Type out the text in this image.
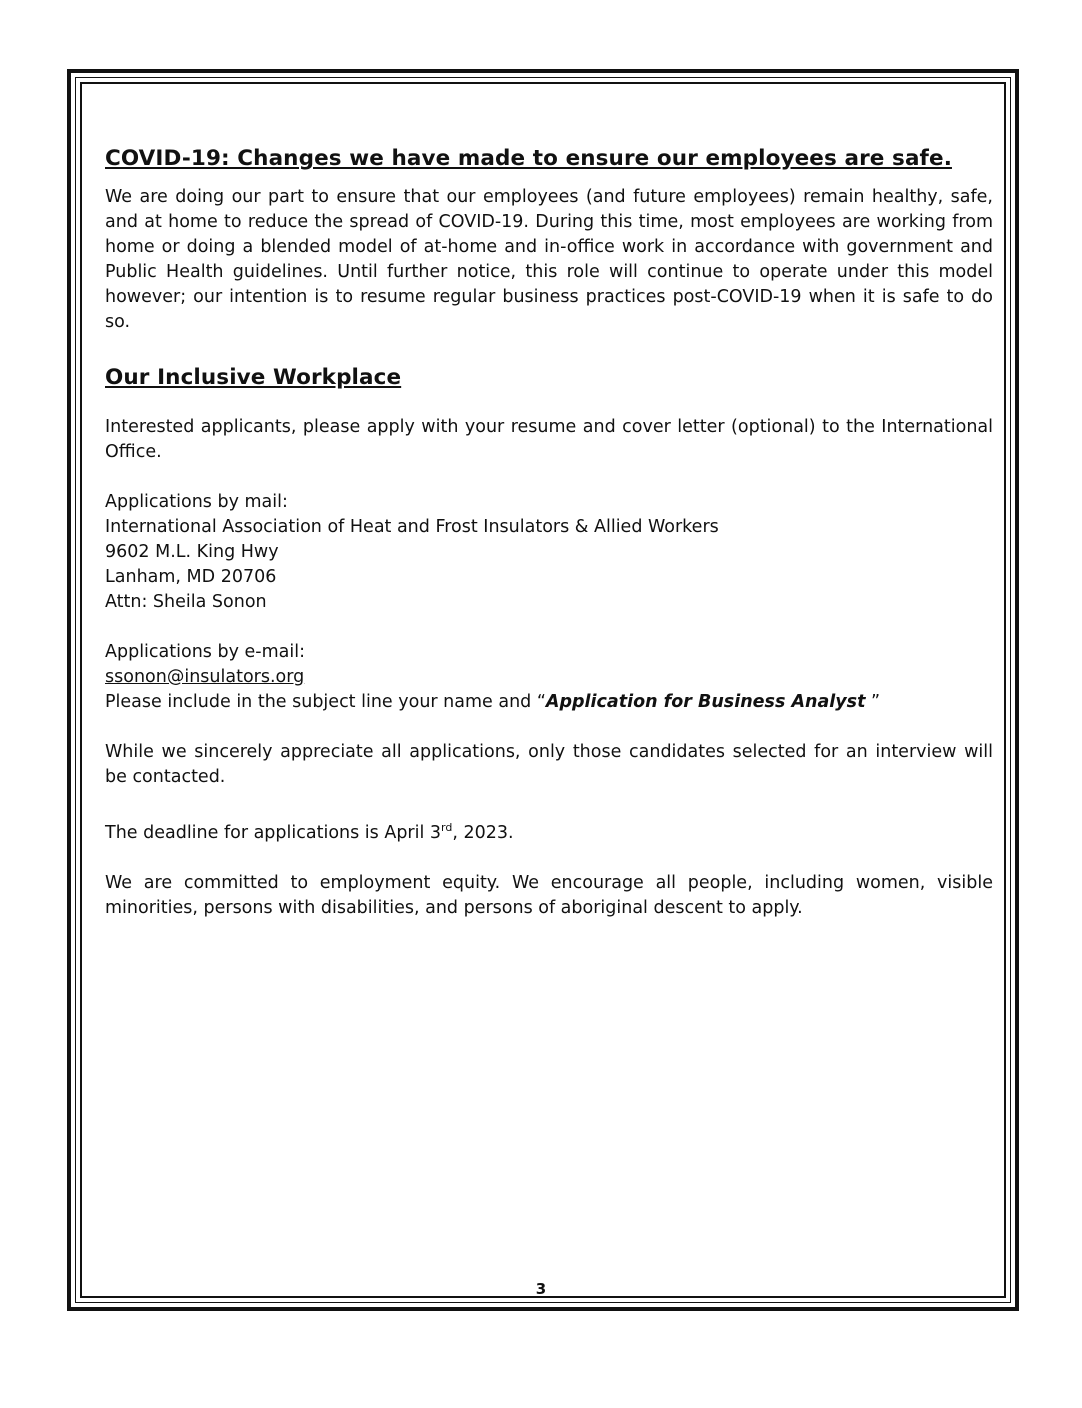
COVID-19: Changes we have made to ensure our employees are safe.

We are doing our part to ensure that our employees (and future employees) remain healthy, safe, and at home to reduce the spread of COVID-19. During this time, most employees are working from home or doing a blended model of at-home and in-office work in accordance with government and Public Health guidelines. Until further notice, this role will continue to operate under this model however; our intention is to resume regular business practices post-COVID-19 when it is safe to do so.

Our Inclusive Workplace

Interested applicants, please apply with your resume and cover letter (optional) to the International Office.

Applications by mail:
International Association of Heat and Frost Insulators & Allied Workers
9602 M.L. King Hwy
Lanham, MD 20706
Attn: Sheila Sonon

Applications by e-mail:
ssonon@insulators.org
Please include in the subject line your name and “Application for Business Analyst ”

While we sincerely appreciate all applications, only those candidates selected for an interview will be contacted.

The deadline for applications is April 3rd, 2023.

We are committed to employment equity. We encourage all people, including women, visible minorities, persons with disabilities, and persons of aboriginal descent to apply.

3
